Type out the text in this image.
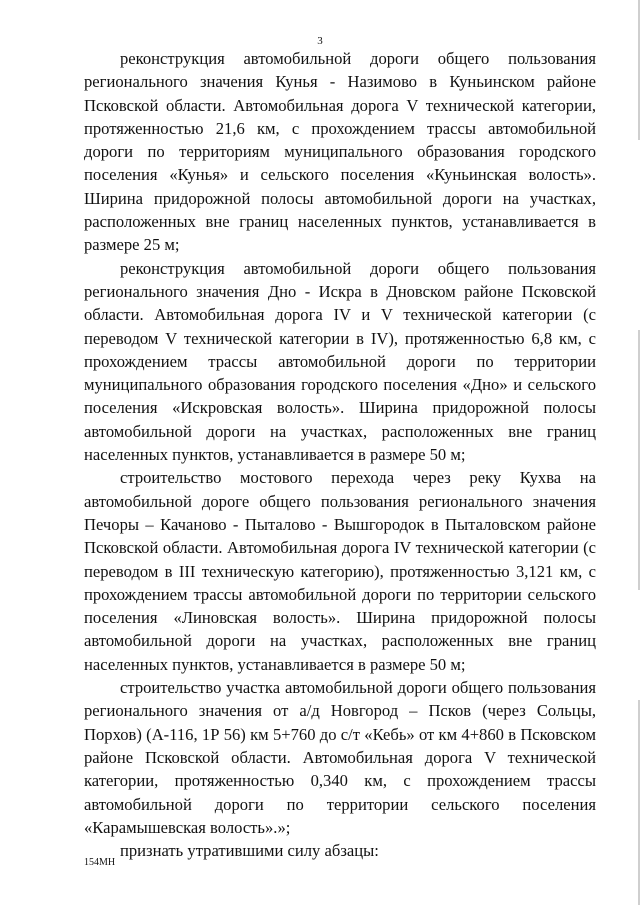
3

реконструкция автомобильной дороги общего пользования регионального значения Кунья - Назимово в Куньинском районе Псковской области. Автомобильная дорога V технической категории, протяженностью 21,6 км, с прохождением трассы автомобильной дороги по территориям муниципального образования городского поселения «Кунья» и сельского поселения «Куньинская волость». Ширина придорожной полосы автомобильной дороги на участках, расположенных вне границ населенных пунктов, устанавливается в размере 25 м;

реконструкция автомобильной дороги общего пользования регионального значения Дно - Искра в Дновском районе Псковской области. Автомобильная дорога IV и V технической категории (с переводом V технической категории в IV), протяженностью 6,8 км, с прохождением трассы автомобильной дороги по территории муниципального образования городского поселения «Дно» и сельского поселения «Искровская волость». Ширина придорожной полосы автомобильной дороги на участках, расположенных вне границ населенных пунктов, устанавливается в размере 50 м;

строительство мостового перехода через реку Кухва на автомобильной дороге общего пользования регионального значения Печоры – Качаново - Пыталово - Вышгородок в Пыталовском районе Псковской области. Автомобильная дорога IV технической категории (с переводом в III техническую категорию), протяженностью 3,121 км, с прохождением трассы автомобильной дороги по территории сельского поселения «Линовская волость». Ширина придорожной полосы автомобильной дороги на участках, расположенных вне границ населенных пунктов, устанавливается в размере 50 м;

строительство участка автомобильной дороги общего пользования регионального значения от а/д Новгород – Псков (через Сольцы, Порхов) (А-116, 1Р 56) км 5+760 до с/т «Кебь» от км 4+860 в Псковском районе Псковской области. Автомобильная дорога V технической категории, протяженностью 0,340 км, с прохождением трассы автомобильной дороги по территории сельского поселения «Карамышевская волость».»;

признать утратившими силу абзацы:

154МН
